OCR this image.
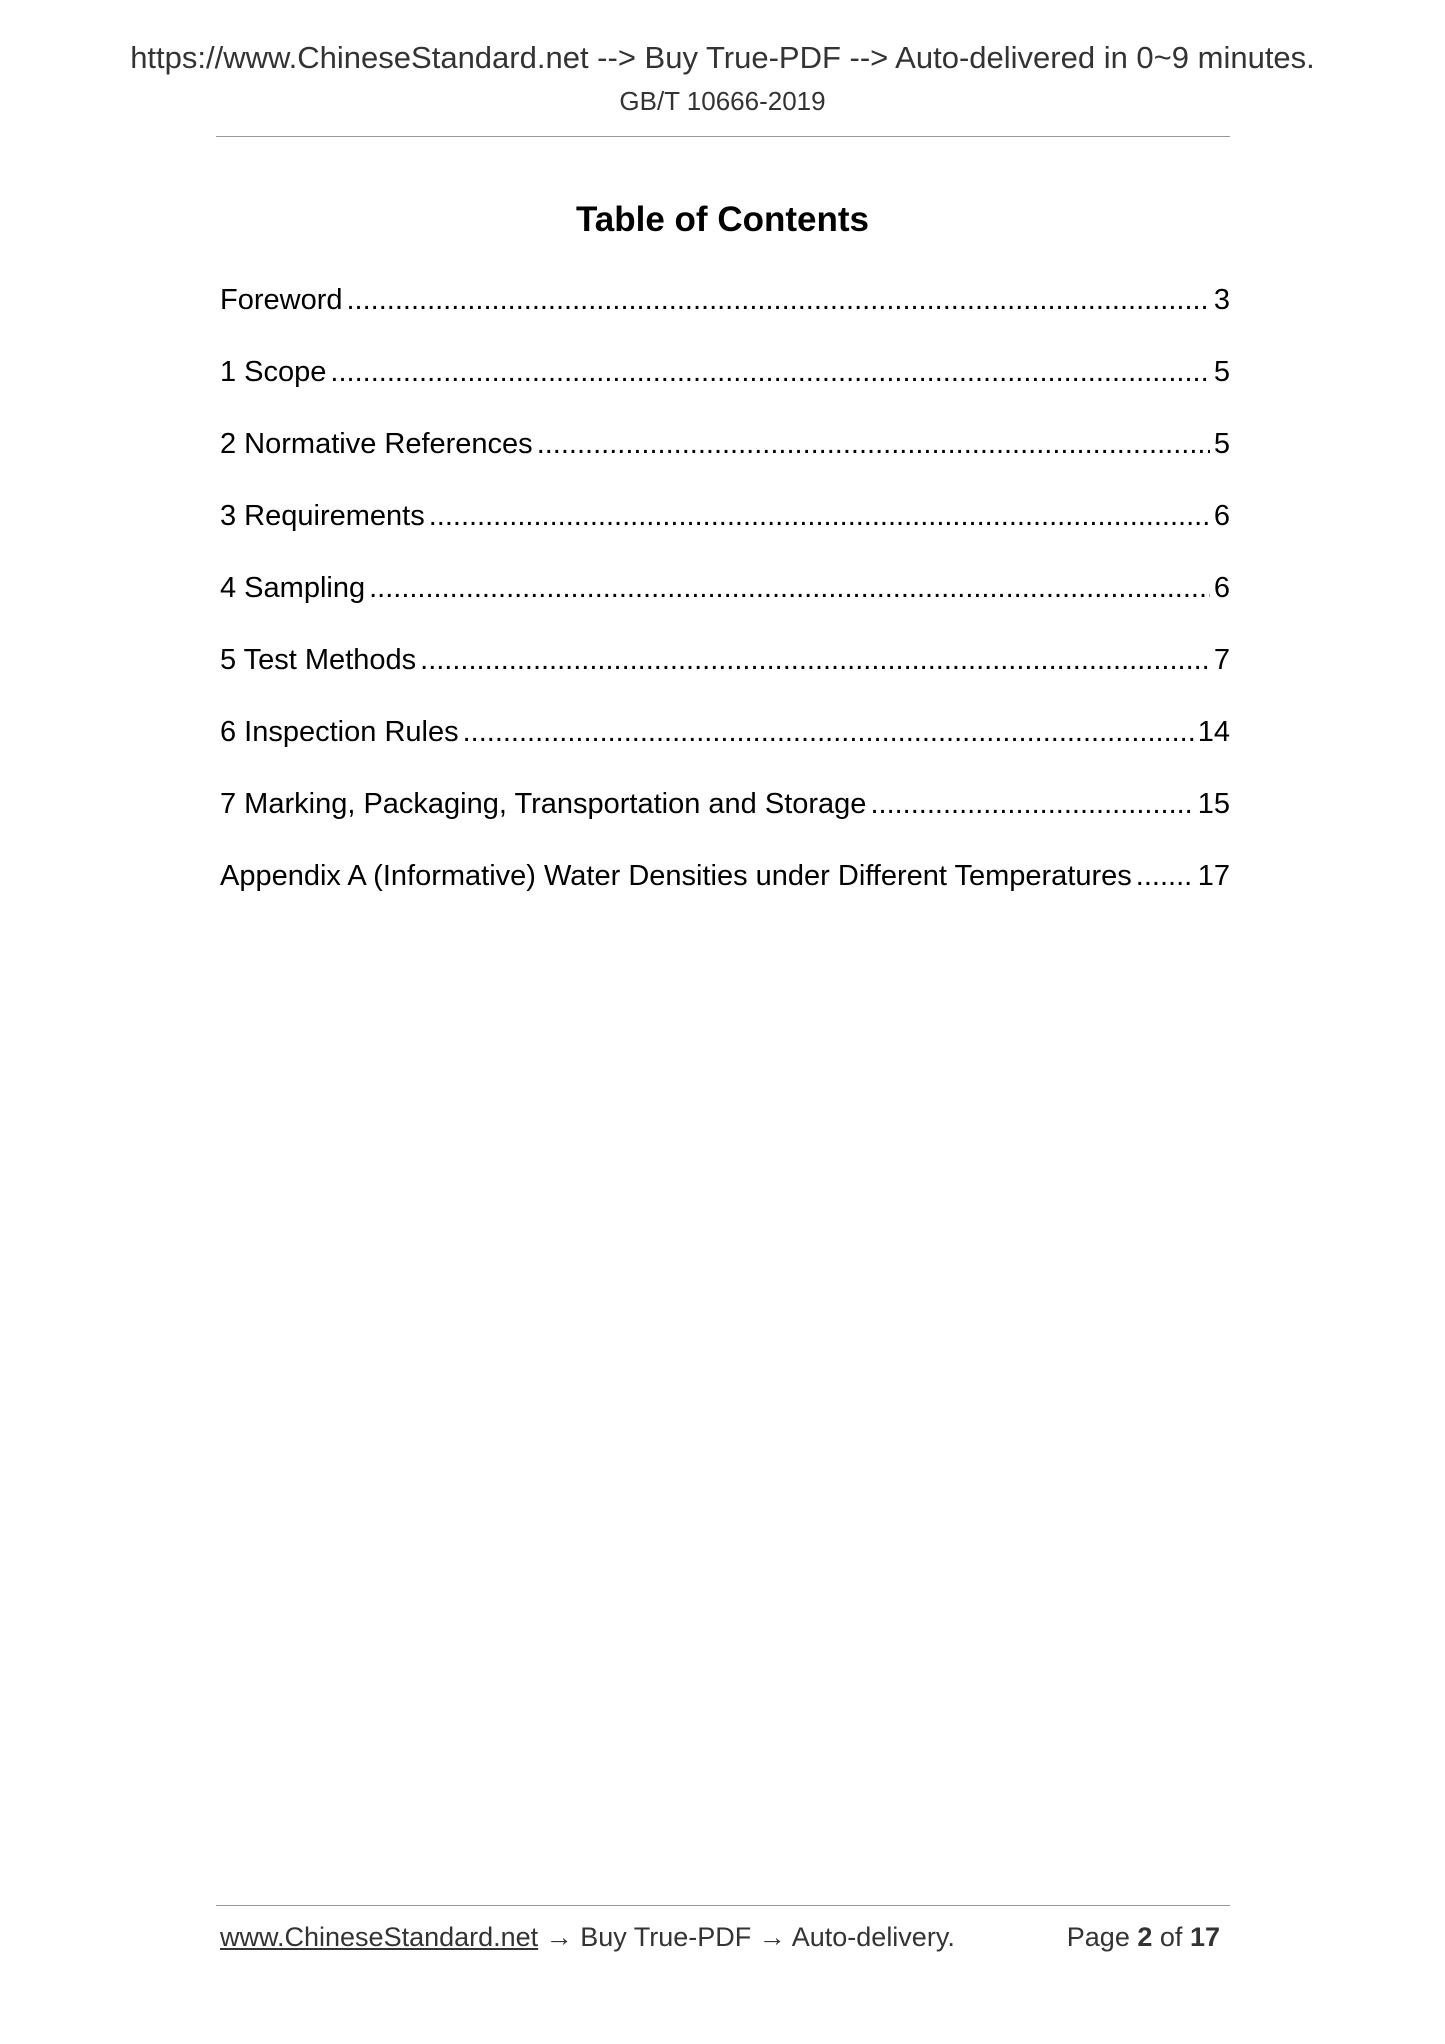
https://www.ChineseStandard.net --> Buy True-PDF --> Auto-delivered in 0~9 minutes.
GB/T 10666-2019
Table of Contents
Foreword .....	3
1 Scope .....	5
2 Normative References .....	5
3 Requirements .....	6
4 Sampling .....	6
5 Test Methods .....	7
6 Inspection Rules .....	14
7 Marking, Packaging, Transportation and Storage .....	15
Appendix A (Informative) Water Densities under Different Temperatures ..... 17
www.ChineseStandard.net → Buy True-PDF → Auto-delivery.	Page 2 of 17
